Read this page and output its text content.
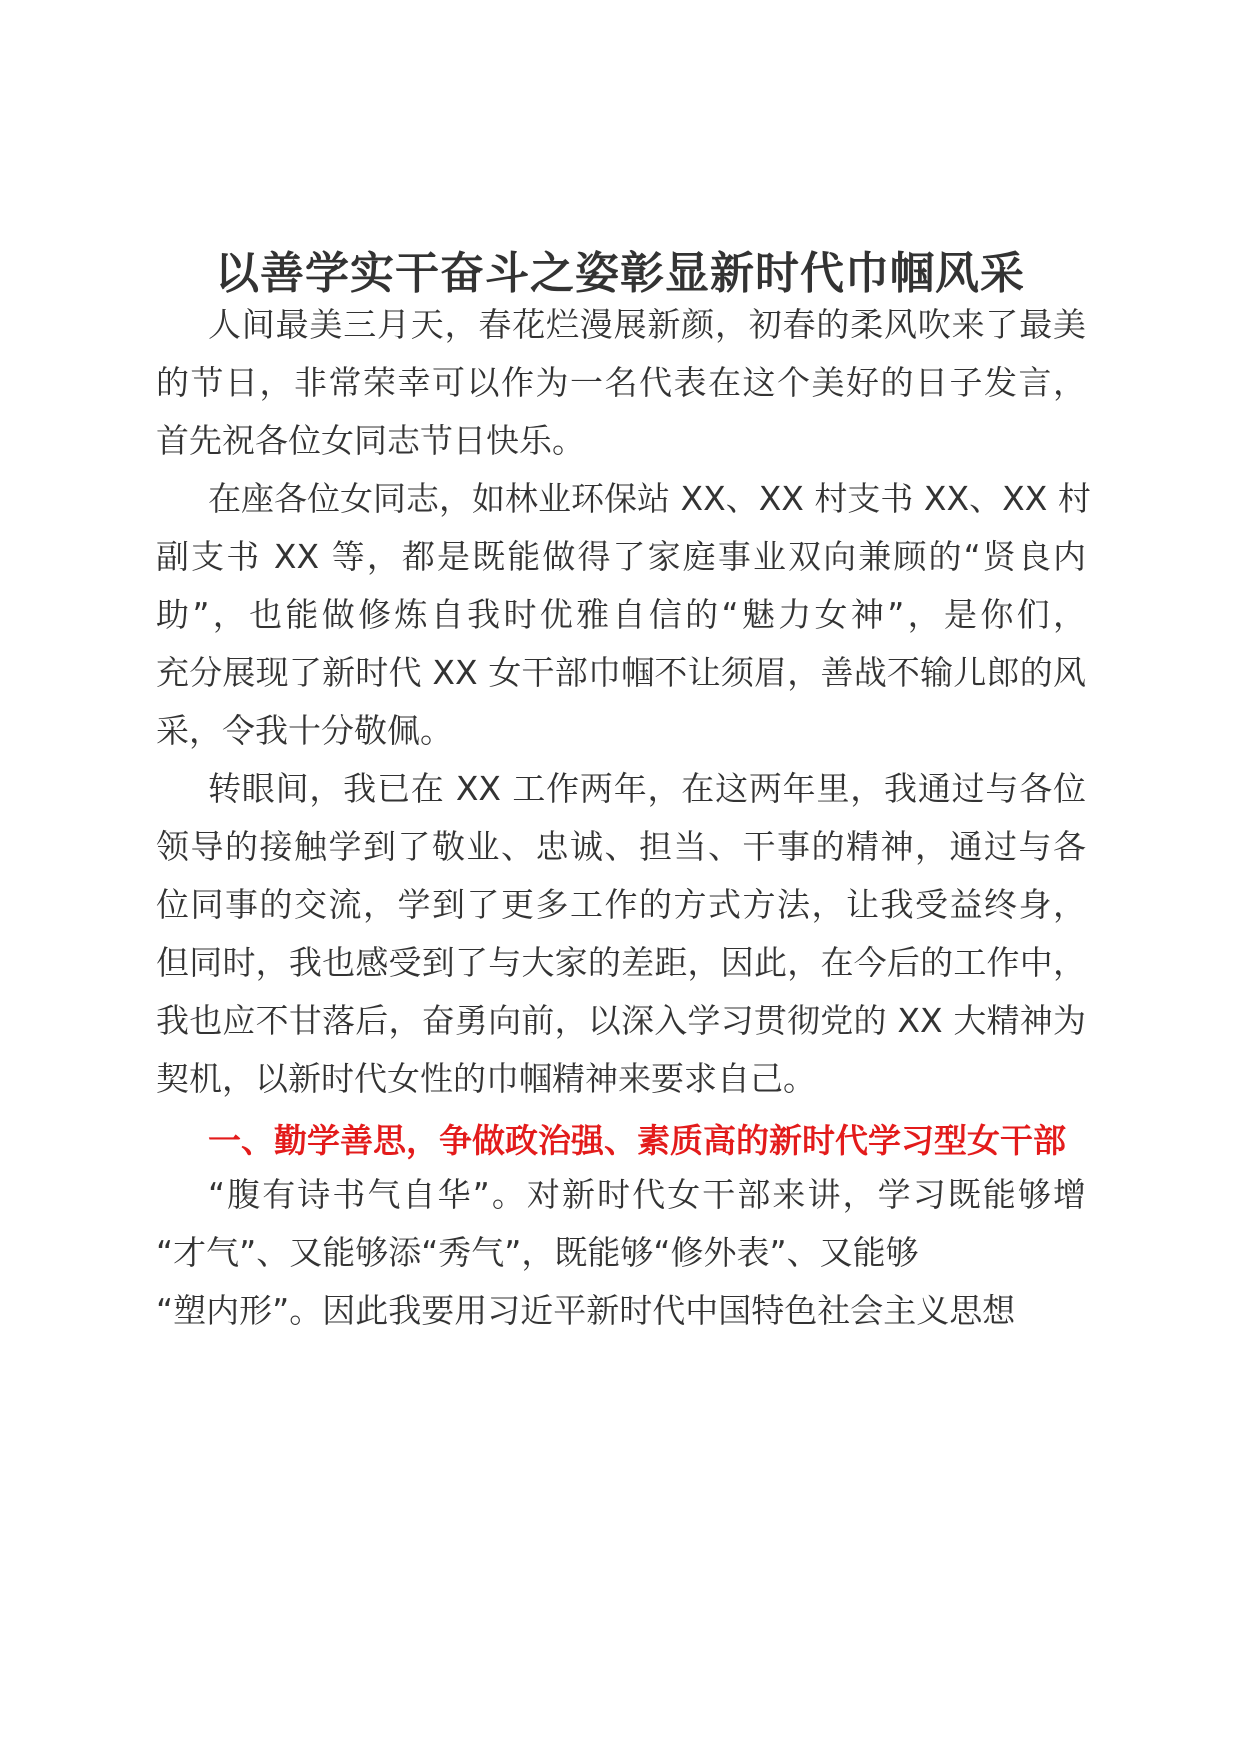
以善学实干奋斗之姿彰显新时代巾帼风采
人间最美三月天，春花烂漫展新颜，初春的柔风吹来了最美
的节日，非常荣幸可以作为一名代表在这个美好的日子发言，
首先祝各位女同志节日快乐。
在座各位女同志，如林业环保站 XX、XX 村支书 XX、XX 村
副支书 XX 等，都是既能做得了家庭事业双向兼顾的“贤良内
助”，也能做修炼自我时优雅自信的“魅力女神”，是你们，
充分展现了新时代 XX 女干部巾帼不让须眉，善战不输儿郎的风
采，令我十分敬佩。
转眼间，我已在 XX 工作两年，在这两年里，我通过与各位
领导的接触学到了敬业、忠诚、担当、干事的精神，通过与各
位同事的交流，学到了更多工作的方式方法，让我受益终身，
但同时，我也感受到了与大家的差距，因此，在今后的工作中，
我也应不甘落后，奋勇向前，以深入学习贯彻党的 XX 大精神为
契机，以新时代女性的巾帼精神来要求自己。
一、勤学善思，争做政治强、素质高的新时代学习型女干部
“腹有诗书气自华”。对新时代女干部来讲，学习既能够增
“才气”、又能够添“秀气”，既能够“修外表”、又能够
“塑内形”。因此我要用习近平新时代中国特色社会主义思想
